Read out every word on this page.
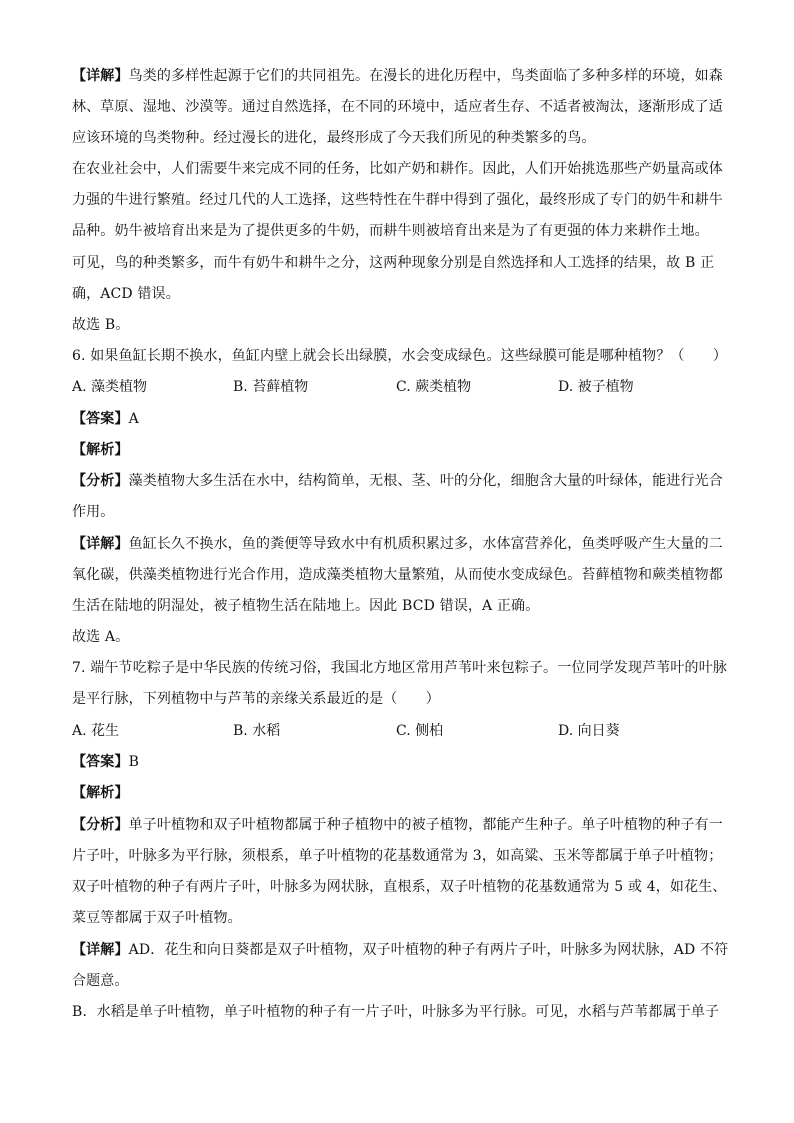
【详解】鸟类的多样性起源于它们的共同祖先。在漫长的进化历程中，鸟类面临了多种多样的环境，如森
林、草原、湿地、沙漠等。通过自然选择，在不同的环境中，适应者生存、不适者被淘汰，逐渐形成了适
应该环境的鸟类物种。经过漫长的进化，最终形成了今天我们所见的种类繁多的鸟。
在农业社会中，人们需要牛来完成不同的任务，比如产奶和耕作。因此，人们开始挑选那些产奶量高或体
力强的牛进行繁殖。经过几代的人工选择，这些特性在牛群中得到了强化，最终形成了专门的奶牛和耕牛
品种。奶牛被培育出来是为了提供更多的牛奶，而耕牛则被培育出来是为了有更强的体力来耕作土地。
可见，鸟的种类繁多，而牛有奶牛和耕牛之分，这两种现象分别是自然选择和人工选择的结果，故 B 正
确，ACD 错误。
故选 B。
6. 如果鱼缸长期不换水，鱼缸内壁上就会长出绿膜，水会变成绿色。这些绿膜可能是哪种植物？（　　）
A. 藻类植物	B. 苔藓植物	C. 蕨类植物	D. 被子植物
【答案】A
【解析】
【分析】藻类植物大多生活在水中，结构简单，无根、茎、叶的分化，细胞含大量的叶绿体，能进行光合
作用。
【详解】鱼缸长久不换水，鱼的粪便等导致水中有机质积累过多，水体富营养化，鱼类呼吸产生大量的二
氧化碳，供藻类植物进行光合作用，造成藻类植物大量繁殖，从而使水变成绿色。苔藓植物和蕨类植物都
生活在陆地的阴湿处，被子植物生活在陆地上。因此 BCD 错误，A 正确。
故选 A。
7. 端午节吃粽子是中华民族的传统习俗，我国北方地区常用芦苇叶来包粽子。一位同学发现芦苇叶的叶脉
是平行脉，下列植物中与芦苇的亲缘关系最近的是（　　）
A. 花生	B. 水稻	C. 侧柏	D. 向日葵
【答案】B
【解析】
【分析】单子叶植物和双子叶植物都属于种子植物中的被子植物，都能产生种子。单子叶植物的种子有一
片子叶，叶脉多为平行脉，须根系，单子叶植物的花基数通常为 3，如高粱、玉米等都属于单子叶植物；
双子叶植物的种子有两片子叶，叶脉多为网状脉，直根系，双子叶植物的花基数通常为 5 或 4，如花生、
菜豆等都属于双子叶植物。
【详解】AD．花生和向日葵都是双子叶植物，双子叶植物的种子有两片子叶，叶脉多为网状脉，AD 不符
合题意。
B．水稻是单子叶植物，单子叶植物的种子有一片子叶，叶脉多为平行脉。可见，水稻与芦苇都属于单子
